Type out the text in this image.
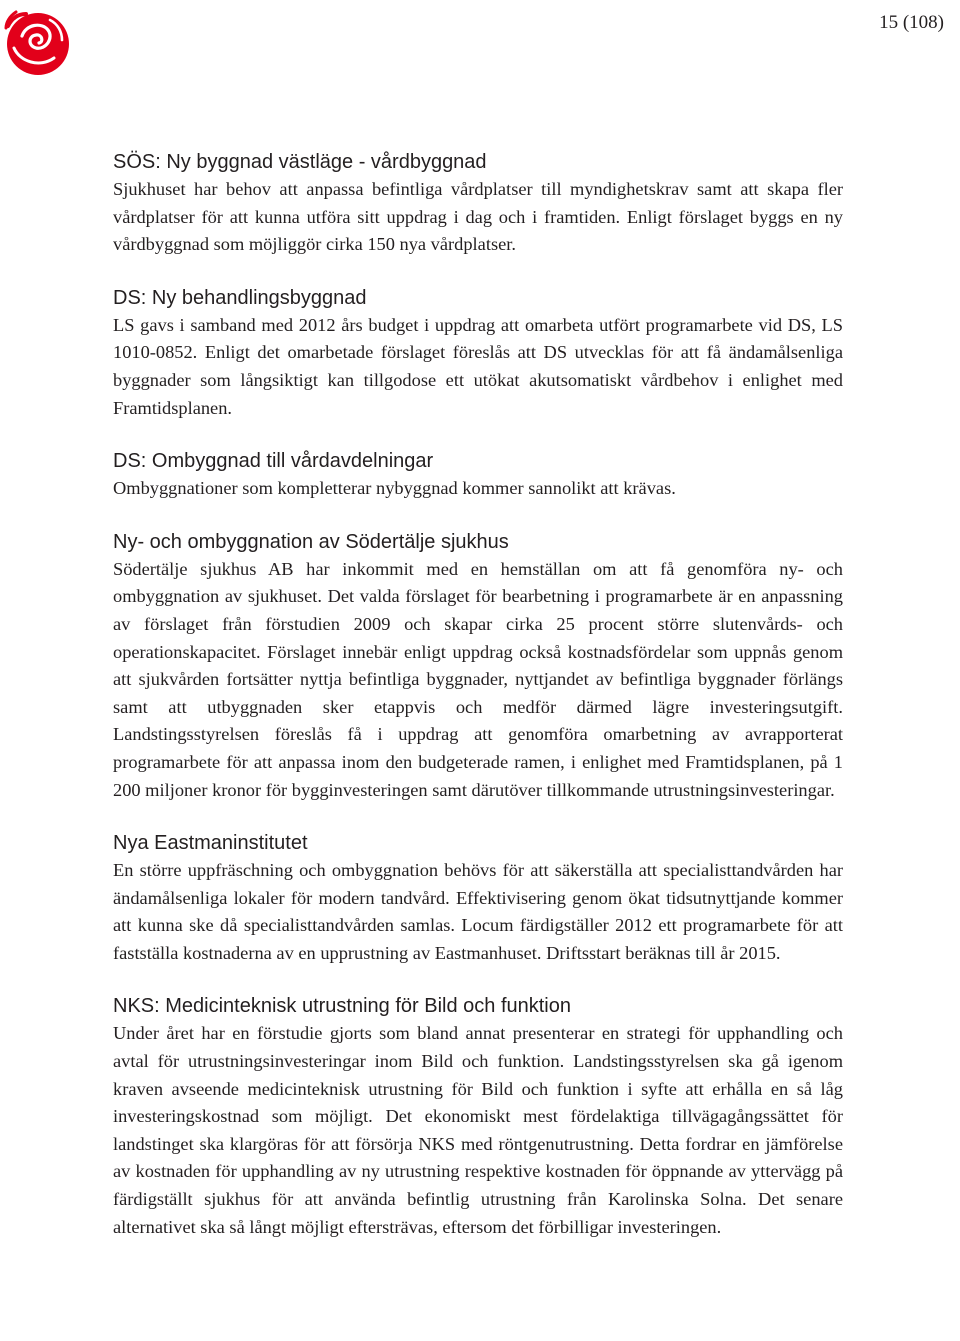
15 (108)
SÖS: Ny byggnad västläge - vårdbyggnad

Sjukhuset har behov att anpassa befintliga vårdplatser till myndighetskrav samt att skapa fler vårdplatser för att kunna utföra sitt uppdrag i dag och i framtiden. Enligt förslaget byggs en ny vårdbyggnad som möjliggör cirka 150 nya vårdplatser.

DS: Ny behandlingsbyggnad

LS gavs i samband med 2012 års budget i uppdrag att omarbeta utfört programarbete vid DS, LS 1010-0852. Enligt det omarbetade förslaget föreslås att DS utvecklas för att få ändamålsenliga byggnader som långsiktigt kan tillgodose ett utökat akutsomatiskt vårdbehov i enlighet med Framtidsplanen.

DS: Ombyggnad till vårdavdelningar

Ombyggnationer som kompletterar nybyggnad kommer sannolikt att krävas.

Ny- och ombyggnation av Södertälje sjukhus

Södertälje sjukhus AB har inkommit med en hemställan om att få genomföra ny- och ombyggnation av sjukhuset. Det valda förslaget för bearbetning i programarbete är en anpassning av förslaget från förstudien 2009 och skapar cirka 25 procent större slutenvårds- och operationskapacitet. Förslaget innebär enligt uppdrag också kostnadsfördelar som uppnås genom att sjukvården fortsätter nyttja befintliga byggnader, nyttjandet av befintliga byggnader förlängs samt att utbyggnaden sker etappvis och medför därmed lägre investeringsutgift. Landstingsstyrelsen föreslås få i uppdrag att genomföra omarbetning av avrapporterat programarbete för att anpassa inom den budgeterade ramen, i enlighet med Framtidsplanen, på 1 200 miljoner kronor för bygginvesteringen samt därutöver tillkommande utrustningsinvesteringar.

Nya Eastmaninstitutet

En större uppfräschning och ombyggnation behövs för att säkerställa att specialisttandvården har ändamålsenliga lokaler för modern tandvård. Effektivisering genom ökat tidsutnyttjande kommer att kunna ske då specialisttandvården samlas. Locum färdigställer 2012 ett programarbete för att fastställa kostnaderna av en upprustning av Eastmanhuset. Driftsstart beräknas till år 2015.

NKS: Medicinteknisk utrustning för Bild och funktion

Under året har en förstudie gjorts som bland annat presenterar en strategi för upphandling och avtal för utrustningsinvesteringar inom Bild och funktion. Landstingsstyrelsen ska gå igenom kraven avseende medicinteknisk utrustning för Bild och funktion i syfte att erhålla en så låg investeringskostnad som möjligt. Det ekonomiskt mest fördelaktiga tillvägagångssättet för landstinget ska klargöras för att försörja NKS med röntgenutrustning. Detta fordrar en jämförelse av kostnaden för upphandling av ny utrustning respektive kostnaden för öppnande av yttervägg på färdigställt sjukhus för att använda befintlig utrustning från Karolinska Solna. Det senare alternativet ska så långt möjligt eftersträvas, eftersom det förbilligar investeringen.
